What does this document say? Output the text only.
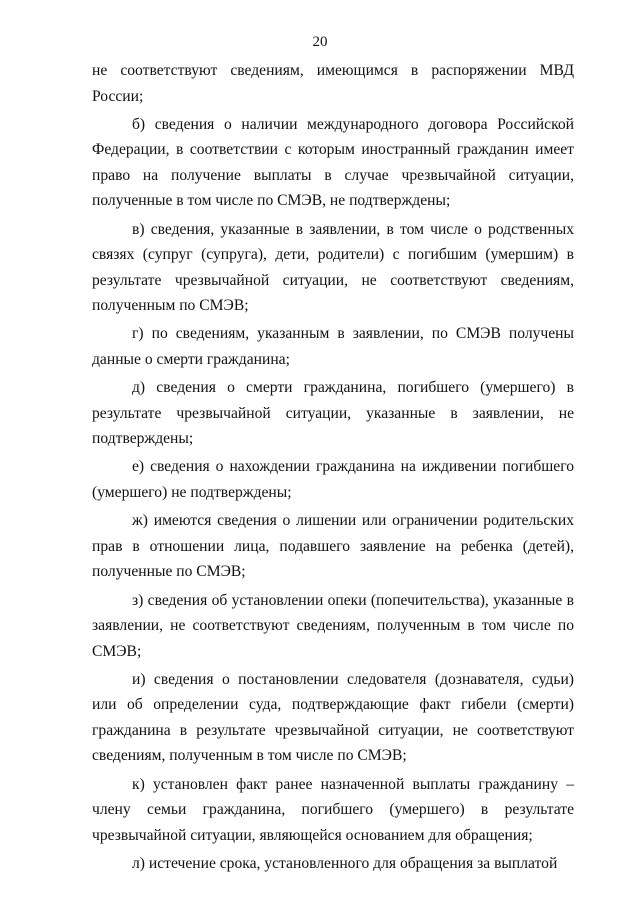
20

не соответствуют сведениям, имеющимся в распоряжении МВД России;

б) сведения о наличии международного договора Российской Федерации, в соответствии с которым иностранный гражданин имеет право на получение выплаты в случае чрезвычайной ситуации, полученные в том числе по СМЭВ, не подтверждены;

в) сведения, указанные в заявлении, в том числе о родственных связях (супруг (супруга), дети, родители) с погибшим (умершим) в результате чрезвычайной ситуации, не соответствуют сведениям, полученным по СМЭВ;

г) по сведениям, указанным в заявлении, по СМЭВ получены данные о смерти гражданина;

д) сведения о смерти гражданина, погибшего (умершего) в результате чрезвычайной ситуации, указанные в заявлении, не подтверждены;

е) сведения о нахождении гражданина на иждивении погибшего (умершего) не подтверждены;

ж) имеются сведения о лишении или ограничении родительских прав в отношении лица, подавшего заявление на ребенка (детей), полученные по СМЭВ;

з) сведения об установлении опеки (попечительства), указанные в заявлении, не соответствуют сведениям, полученным в том числе по СМЭВ;

и) сведения о постановлении следователя (дознавателя, судьи) или об определении суда, подтверждающие факт гибели (смерти) гражданина в результате чрезвычайной ситуации, не соответствуют сведениям, полученным в том числе по СМЭВ;

к) установлен факт ранее назначенной выплаты гражданину – члену семьи гражданина, погибшего (умершего) в результате чрезвычайной ситуации, являющейся основанием для обращения;

л) истечение срока, установленного для обращения за выплатой
